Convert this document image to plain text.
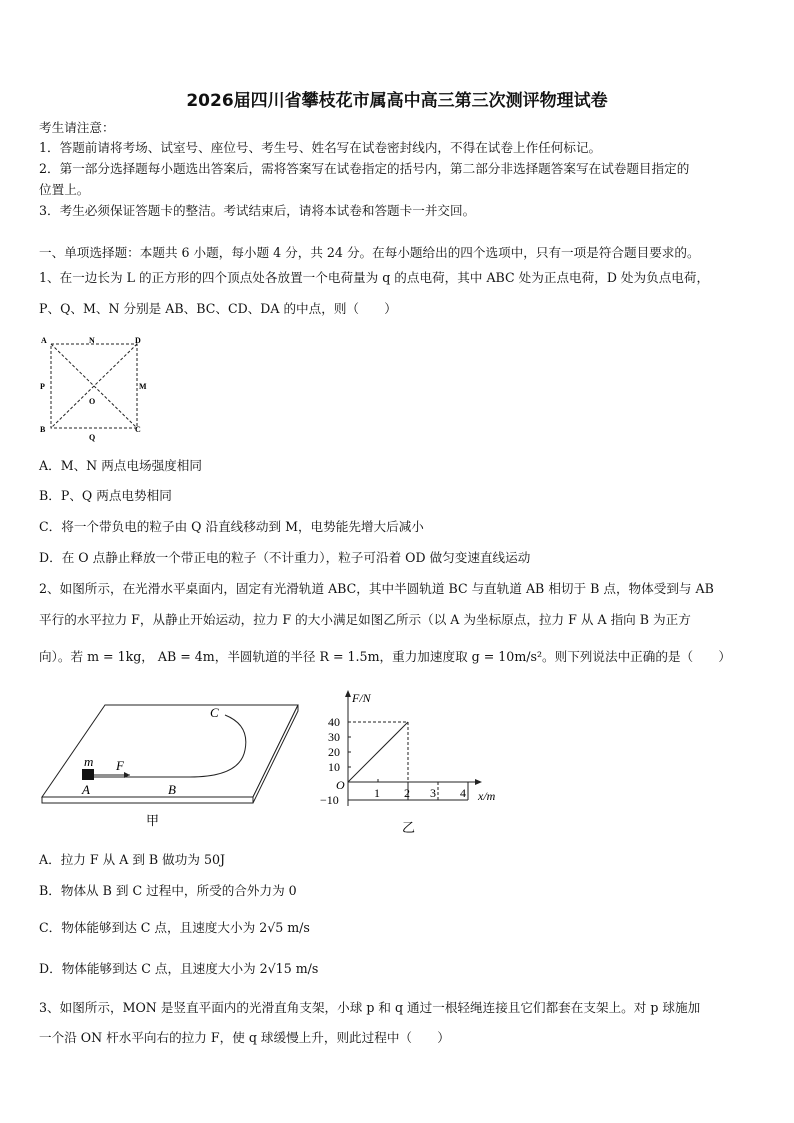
2026届四川省攀枝花市属高中高三第三次测评物理试卷
考生请注意：
1．答题前请将考场、试室号、座位号、考生号、姓名写在试卷密封线内，不得在试卷上作任何标记。
2．第一部分选择题每小题选出答案后，需将答案写在试卷指定的括号内，第二部分非选择题答案写在试卷题目指定的
位置上。
3．考生必须保证答题卡的整洁。考试结束后，请将本试卷和答题卡一并交回。
一、单项选择题：本题共 6 小题，每小题 4 分，共 24 分。在每小题给出的四个选项中，只有一项是符合题目要求的。
1、在一边长为 L 的正方形的四个顶点处各放置一个电荷量为 q 的点电荷，其中 ABC 处为正点电荷，D 处为负点电荷，
P、Q、M、N 分别是 AB、BC、CD、DA 的中点，则（　　）
A	N	D
P
O
M
B
Q
C
A．M、N 两点电场强度相同
B．P、Q 两点电势相同
C．将一个带负电的粒子由 Q 沿直线移动到 M，电势能先增大后减小
D．在 O 点静止释放一个带正电的粒子（不计重力），粒子可沿着 OD 做匀变速直线运动
2、如图所示，在光滑水平桌面内，固定有光滑轨道 ABC，其中半圆轨道 BC 与直轨道 AB 相切于 B 点，物体受到与 AB
平行的水平拉力 F，从静止开始运动，拉力 F 的大小满足如图乙所示（以 A 为坐标原点，拉力 F 从 A 指向 B 为正方
向）。若 m = 1kg， AB = 4m，半圆轨道的半径 R = 1.5m，重力加速度取 g = 10m/s²。则下列说法中正确的是（　　）
C
m F
A	B
甲
F/N
x/m
O
40
30
20
10
−10	1 2 3 4
乙
A．拉力 F 从 A 到 B 做功为 50J
B．物体从 B 到 C 过程中，所受的合外力为 0
C．物体能够到达 C 点，且速度大小为 2√5 m/s
D．物体能够到达 C 点，且速度大小为 2√15 m/s
3、如图所示，MON 是竖直平面内的光滑直角支架，小球 p 和 q 通过一根轻绳连接且它们都套在支架上。对 p 球施加
一个沿 ON 杆水平向右的拉力 F，使 q 球缓慢上升，则此过程中（　　）
